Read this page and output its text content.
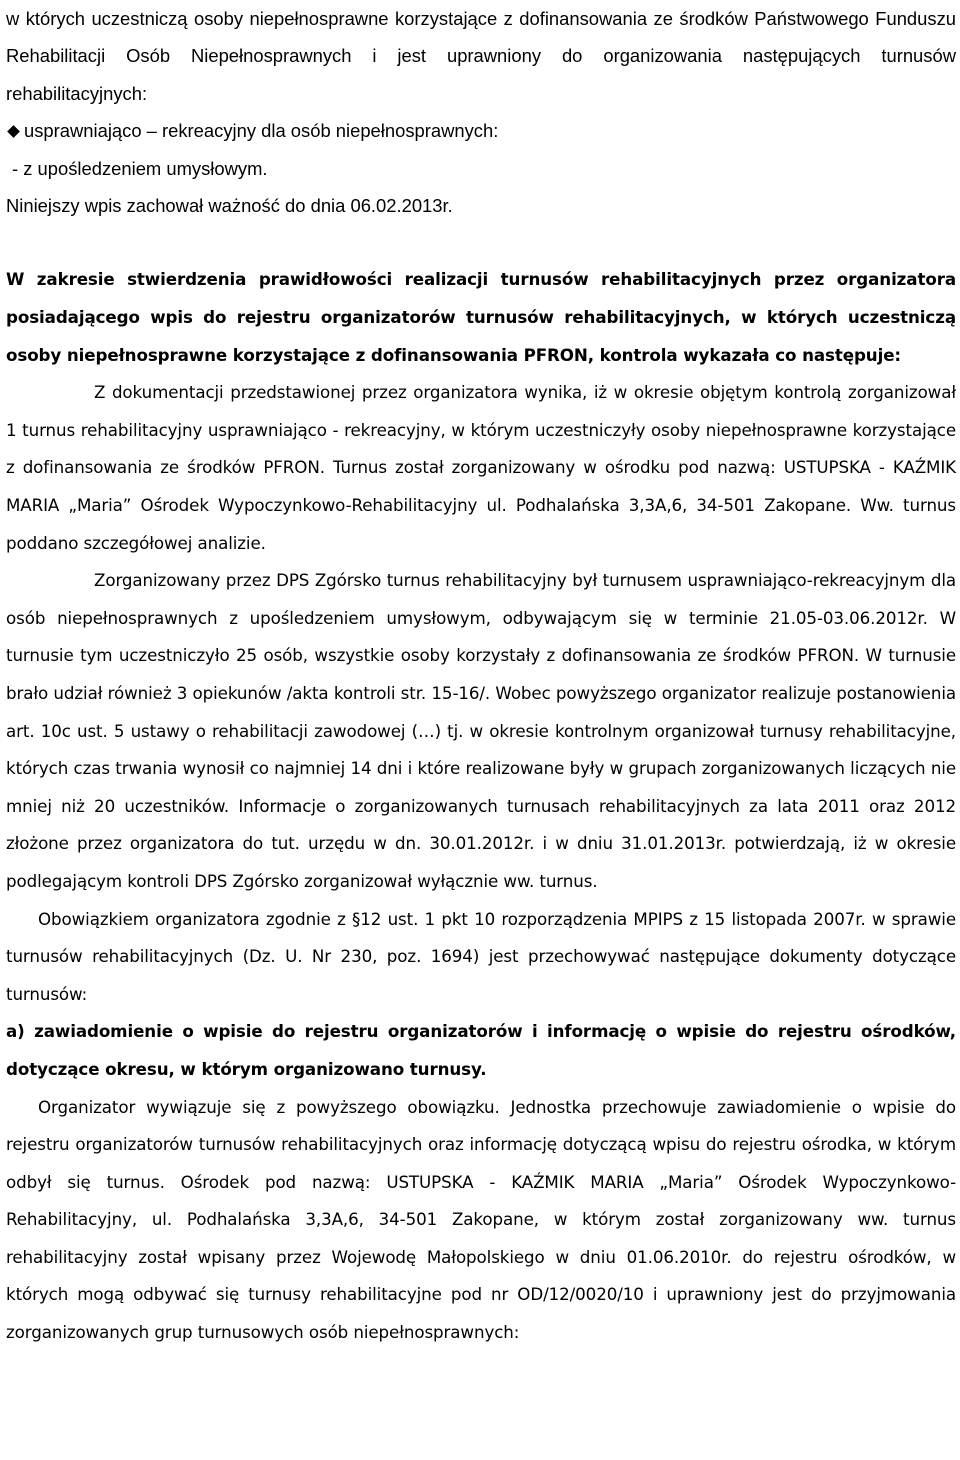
w których uczestniczą osoby niepełnosprawne korzystające z dofinansowania ze środków Państwowego Funduszu Rehabilitacji Osób Niepełnosprawnych i jest uprawniony do organizowania następujących turnusów rehabilitacyjnych:

usprawniająco – rekreacyjny dla osób niepełnosprawnych:

- z upośledzeniem umysłowym.

Niniejszy wpis zachował ważność do dnia 06.02.2013r.

W zakresie stwierdzenia prawidłowości realizacji turnusów rehabilitacyjnych przez organizatora posiadającego wpis do rejestru organizatorów turnusów rehabilitacyjnych, w których uczestniczą osoby niepełnosprawne korzystające z dofinansowania PFRON, kontrola wykazała co następuje:

Z dokumentacji przedstawionej przez organizatora wynika, iż w okresie objętym kontrolą zorganizował 1 turnus rehabilitacyjny usprawniająco - rekreacyjny, w którym uczestniczyły osoby niepełnosprawne korzystające z dofinansowania ze środków PFRON. Turnus został zorganizowany w ośrodku pod nazwą: USTUPSKA - KAŹMIK MARIA „Maria” Ośrodek Wypoczynkowo-Rehabilitacyjny ul. Podhalańska 3,3A,6, 34-501 Zakopane. Ww. turnus poddano szczegółowej analizie.

Zorganizowany przez DPS Zgórsko turnus rehabilitacyjny był turnusem usprawniająco-rekreacyjnym dla osób niepełnosprawnych z upośledzeniem umysłowym, odbywającym się w terminie 21.05-03.06.2012r. W turnusie tym uczestniczyło 25 osób, wszystkie osoby korzystały z dofinansowania ze środków PFRON. W turnusie brało udział również 3 opiekunów /akta kontroli str. 15-16/. Wobec powyższego organizator realizuje postanowienia art. 10c ust. 5 ustawy o rehabilitacji zawodowej (…) tj. w okresie kontrolnym organizował turnusy rehabilitacyjne, których czas trwania wynosił co najmniej 14 dni i które realizowane były w grupach zorganizowanych liczących nie mniej niż 20 uczestników. Informacje o zorganizowanych turnusach rehabilitacyjnych za lata 2011 oraz 2012 złożone przez organizatora do tut. urzędu w dn. 30.01.2012r. i w dniu 31.01.2013r. potwierdzają, iż w okresie podlegającym kontroli DPS Zgórsko zorganizował wyłącznie ww. turnus.

Obowiązkiem organizatora zgodnie z §12 ust. 1 pkt 10 rozporządzenia MPIPS z 15 listopada 2007r. w sprawie turnusów rehabilitacyjnych (Dz. U. Nr 230, poz. 1694) jest przechowywać następujące dokumenty dotyczące turnusów:

a) zawiadomienie o wpisie do rejestru organizatorów i informację o wpisie do rejestru ośrodków, dotyczące okresu, w którym organizowano turnusy.

Organizator wywiązuje się z powyższego obowiązku. Jednostka przechowuje zawiadomienie o wpisie do rejestru organizatorów turnusów rehabilitacyjnych oraz informację dotyczącą wpisu do rejestru ośrodka, w którym odbył się turnus. Ośrodek pod nazwą: USTUPSKA - KAŹMIK MARIA „Maria” Ośrodek Wypoczynkowo-Rehabilitacyjny, ul. Podhalańska 3,3A,6, 34-501 Zakopane, w którym został zorganizowany ww. turnus rehabilitacyjny został wpisany przez Wojewodę Małopolskiego w dniu 01.06.2010r. do rejestru ośrodków, w których mogą odbywać się turnusy rehabilitacyjne pod nr OD/12/0020/10 i uprawniony jest do przyjmowania zorganizowanych grup turnusowych osób niepełnosprawnych:
